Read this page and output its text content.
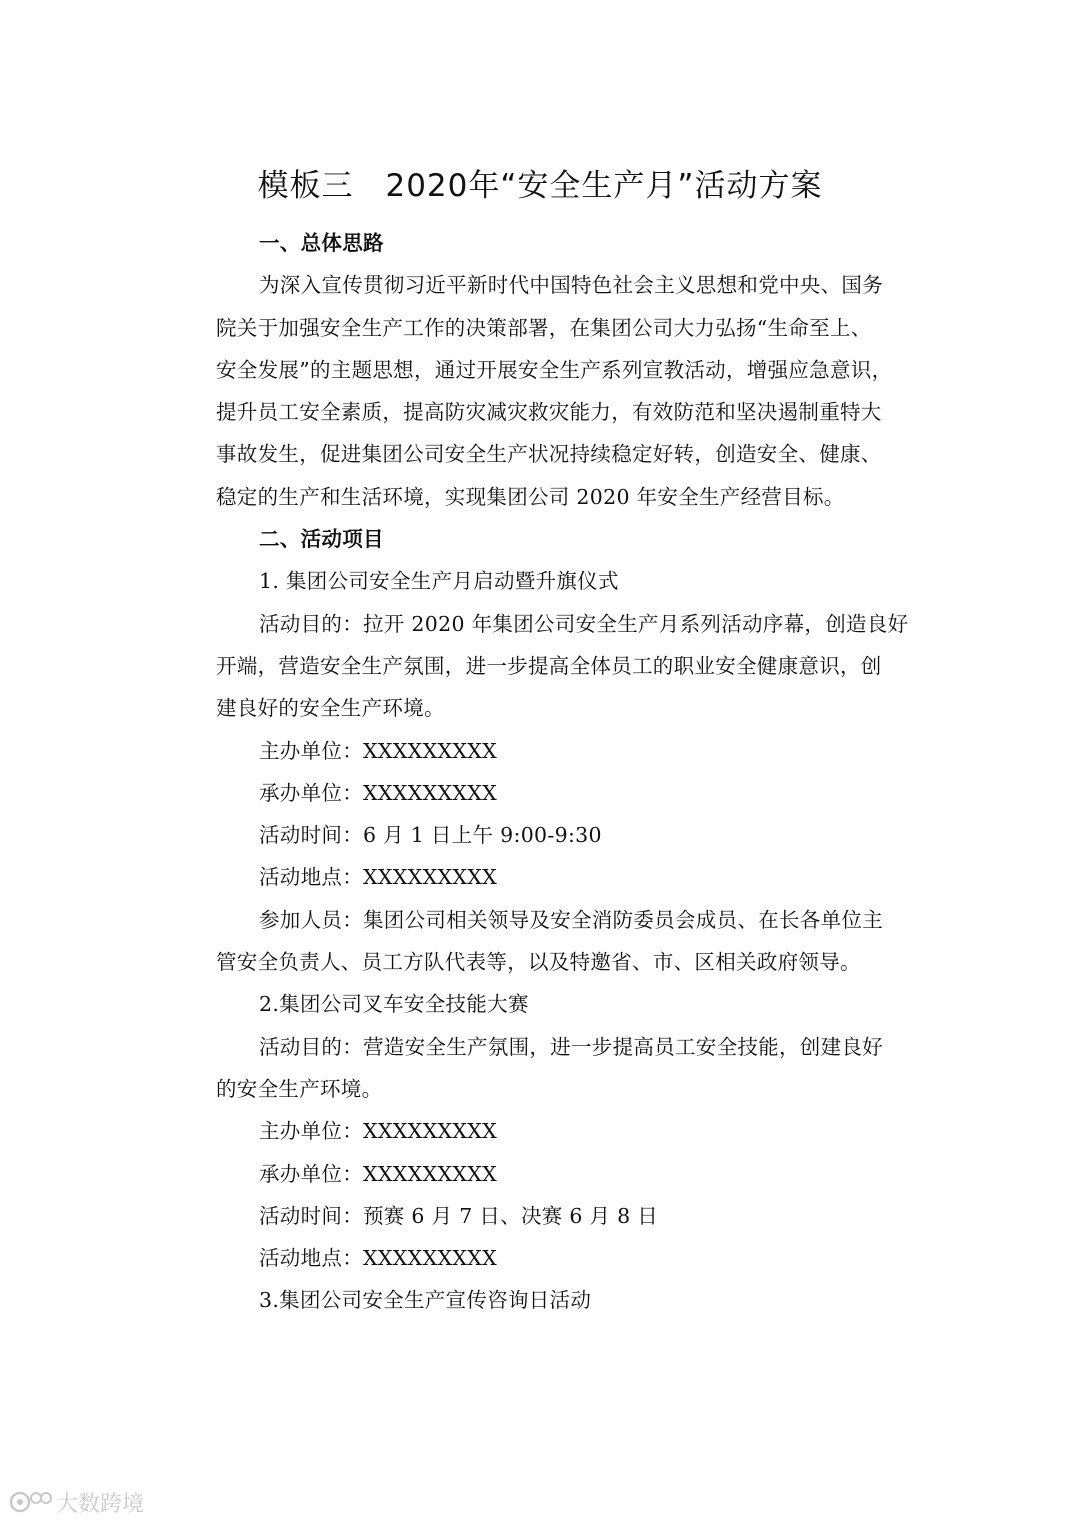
模板三　2020年“安全生产月”活动方案
一、总体思路
为深入宣传贯彻习近平新时代中国特色社会主义思想和党中央、国务
院关于加强安全生产工作的决策部署，在集团公司大力弘扬“生命至上、
安全发展”的主题思想，通过开展安全生产系列宣教活动，增强应急意识，
提升员工安全素质，提高防灾减灾救灾能力，有效防范和坚决遏制重特大
事故发生，促进集团公司安全生产状况持续稳定好转，创造安全、健康、
稳定的生产和生活环境，实现集团公司 2020 年安全生产经营目标。
二、活动项目
1. 集团公司安全生产月启动暨升旗仪式
活动目的：拉开 2020 年集团公司安全生产月系列活动序幕，创造良好
开端，营造安全生产氛围，进一步提高全体员工的职业安全健康意识，创
建良好的安全生产环境。
主办单位：XXXXXXXXX
承办单位：XXXXXXXXX
活动时间：6 月 1 日上午 9:00-9:30
活动地点：XXXXXXXXX
参加人员：集团公司相关领导及安全消防委员会成员、在长各单位主
管安全负责人、员工方队代表等，以及特邀省、市、区相关政府领导。
2.集团公司叉车安全技能大赛
活动目的：营造安全生产氛围，进一步提高员工安全技能，创建良好
的安全生产环境。
主办单位：XXXXXXXXX
承办单位：XXXXXXXXX
活动时间：预赛 6 月 7 日、决赛 6 月 8 日
活动地点：XXXXXXXXX
3.集团公司安全生产宣传咨询日活动
大数跨境
